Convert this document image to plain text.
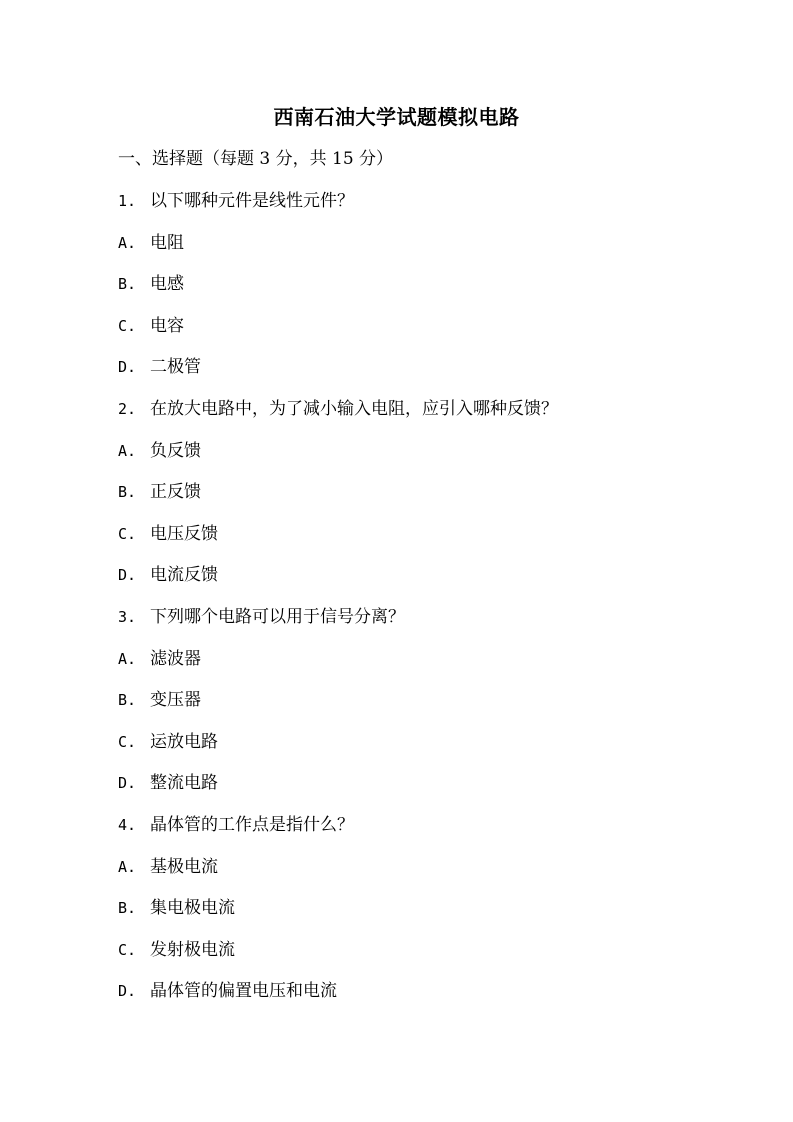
西南石油大学试题模拟电路
一、选择题（每题 3 分，共 15 分）
1. 以下哪种元件是线性元件？
A. 电阻
B. 电感
C. 电容
D. 二极管
2. 在放大电路中，为了减小输入电阻，应引入哪种反馈？
A. 负反馈
B. 正反馈
C. 电压反馈
D. 电流反馈
3. 下列哪个电路可以用于信号分离？
A. 滤波器
B. 变压器
C. 运放电路
D. 整流电路
4. 晶体管的工作点是指什么？
A. 基极电流
B. 集电极电流
C. 发射极电流
D. 晶体管的偏置电压和电流
